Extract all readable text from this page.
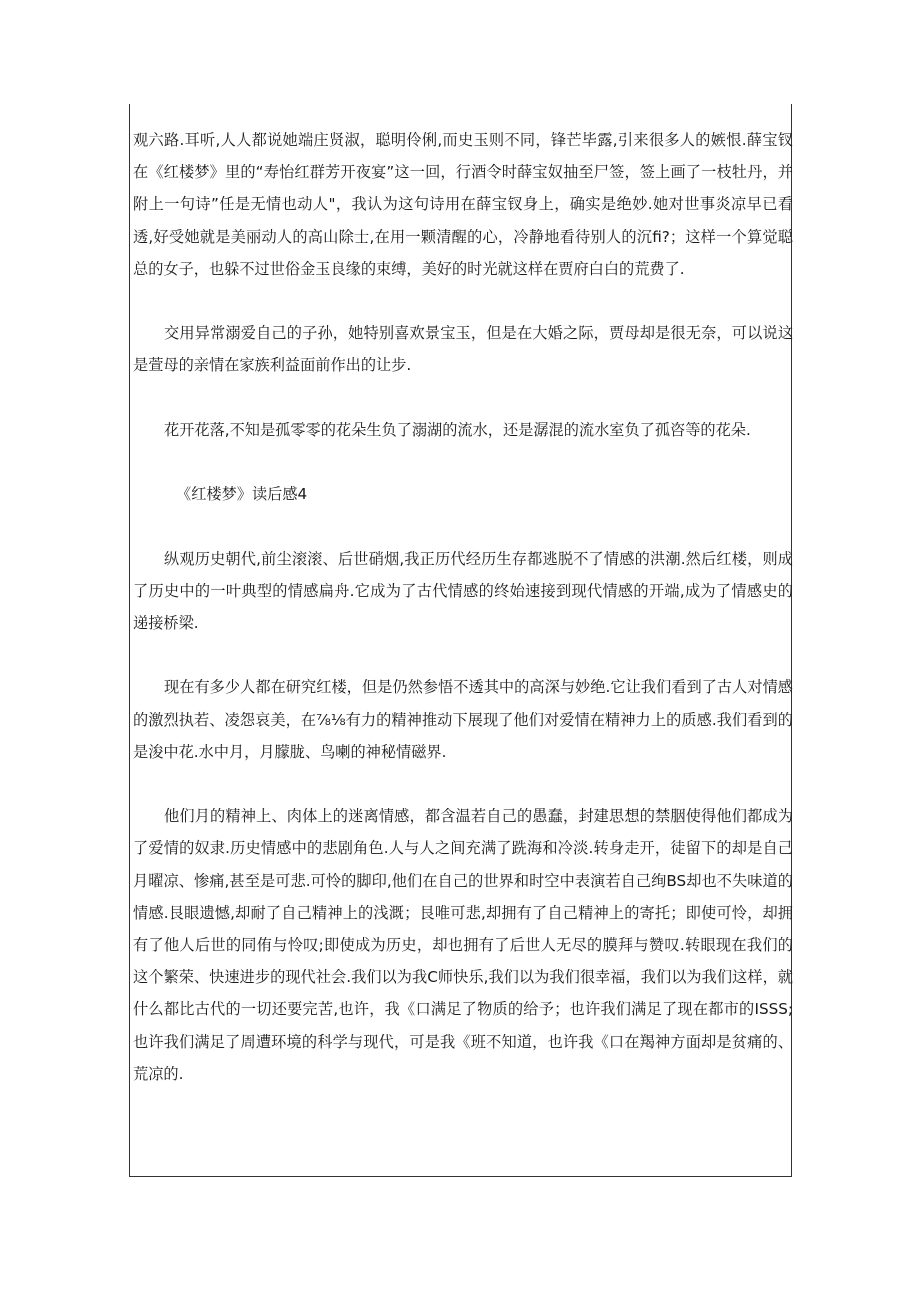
观六路.耳听,人人都说她端庄贤淑，聪明伶俐,而史玉则不同，锋芒毕露,引来很多人的嫉恨.薛宝钗在《红楼梦》里的“寿怡红群芳开夜宴”这一回，行酒令时薛宝奴抽至尸签，签上画了一枝牡丹，并附上一句诗”任是无情也动人"，我认为这句诗用在薛宝钗身上，确实是绝妙.她对世事炎凉早已看透,好受她就是美丽动人的高山除士,在用一颗清醒的心，冷静地看待别人的沉fi?；这样一个算觉聪总的女子，也躲不过世俗金玉良缘的束缚，美好的时光就这样在贾府白白的荒费了.

交用异常溺爱自己的子孙，她特别喜欢景宝玉，但是在大婚之际，贾母却是很无奈，可以说这是萱母的亲情在家族利益面前作出的让步.

花开花落,不知是孤零零的花朵生负了溺湖的流水，还是潺混的流水室负了孤咨等的花朵.

《红楼梦》读后感4

纵观历史朝代,前尘滚滚、后世硝烟,我正历代经历生存都逃脱不了情感的洪潮.然后红楼，则成了历史中的一叶典型的情感扁舟.它成为了古代情感的终始速接到现代情感的开端,成为了情感史的递接桥梁.

现在有多少人都在研究红楼，但是仍然参悟不透其中的高深与妙绝.它让我们看到了古人对情感的激烈执若、凌怨哀美，在⅞⅛有力的精神推动下展现了他们对爱情在精神力上的质感.我们看到的是浚中花.水中月，月朦胧、鸟喇的神秘情磁界.

他们月的精神上、肉体上的迷离情感，都含温若自己的愚蠢，封建思想的禁胭使得他们都成为了爱情的奴隶.历史情感中的悲剧角色.人与人之间充满了跣海和冷淡.转身走开，徒留下的却是自己月曜凉、惨痛,甚至是可悲.可怜的脚印,他们在自己的世界和时空中表演若自己绚BS却也不失味道的情感.艮眼遗憾,却耐了自己精神上的浅溉；艮唯可悲,却拥有了自己精神上的寄托；即使可怜，却拥有了他人后世的同侑与怜叹;即使成为历史，却也拥有了后世人无尽的膜拜与赞叹.转眼现在我们的这个繁荣、快速进步的现代社会.我们以为我C师快乐,我们以为我们很幸福，我们以为我们这样，就什么都比古代的一切还要完苦,也许，我《口满足了物质的给予；也许我们满足了现在都市的ISSS;也许我们满足了周遭环境的科学与现代，可是我《班不知道，也许我《口在羯神方面却是贫痛的、荒凉的.
